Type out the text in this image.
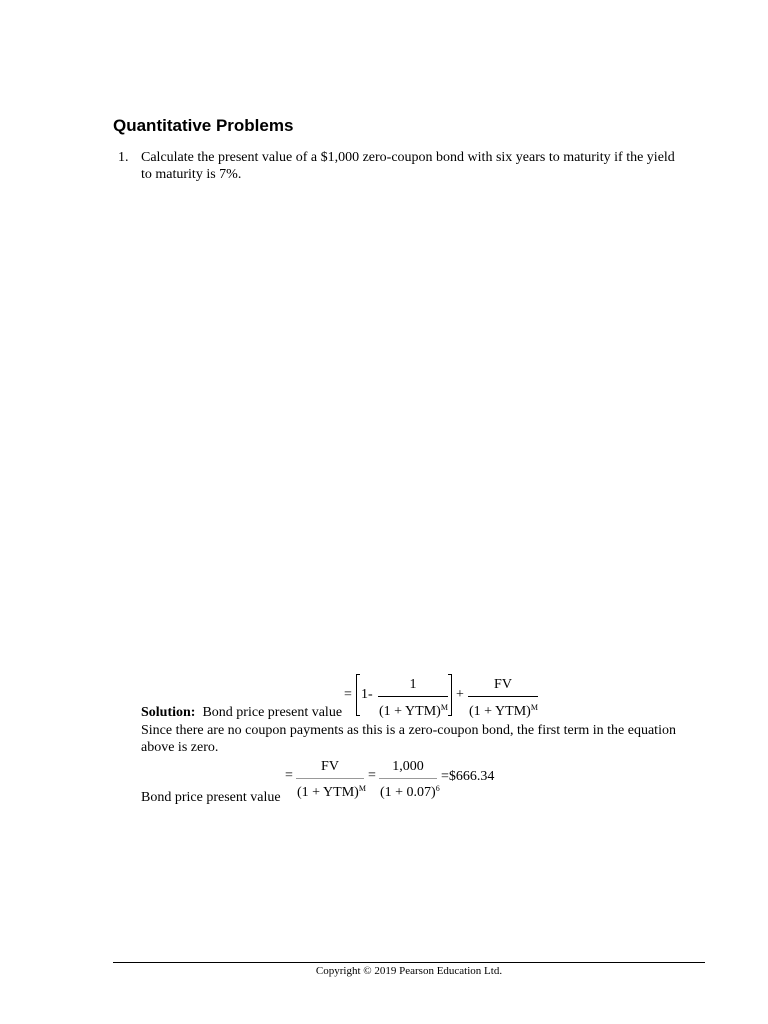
Quantitative Problems
1. Calculate the present value of a $1,000 zero-coupon bond with six years to maturity if the yield to maturity is 7%.
= 1-
1
(1 + YTM)$^M$
+
FV
(1 + YTM)$^M$
Solution: Bond price present value
Since there are no coupon payments as this is a zero-coupon bond, the first term in the equation above is zero.
=
FV
(1 + YTM)$^M$
=
1,000
$(1 + 0.07)^6$
=$666.34
Bond price present value
Copyright © 2019 Pearson Education Ltd.
